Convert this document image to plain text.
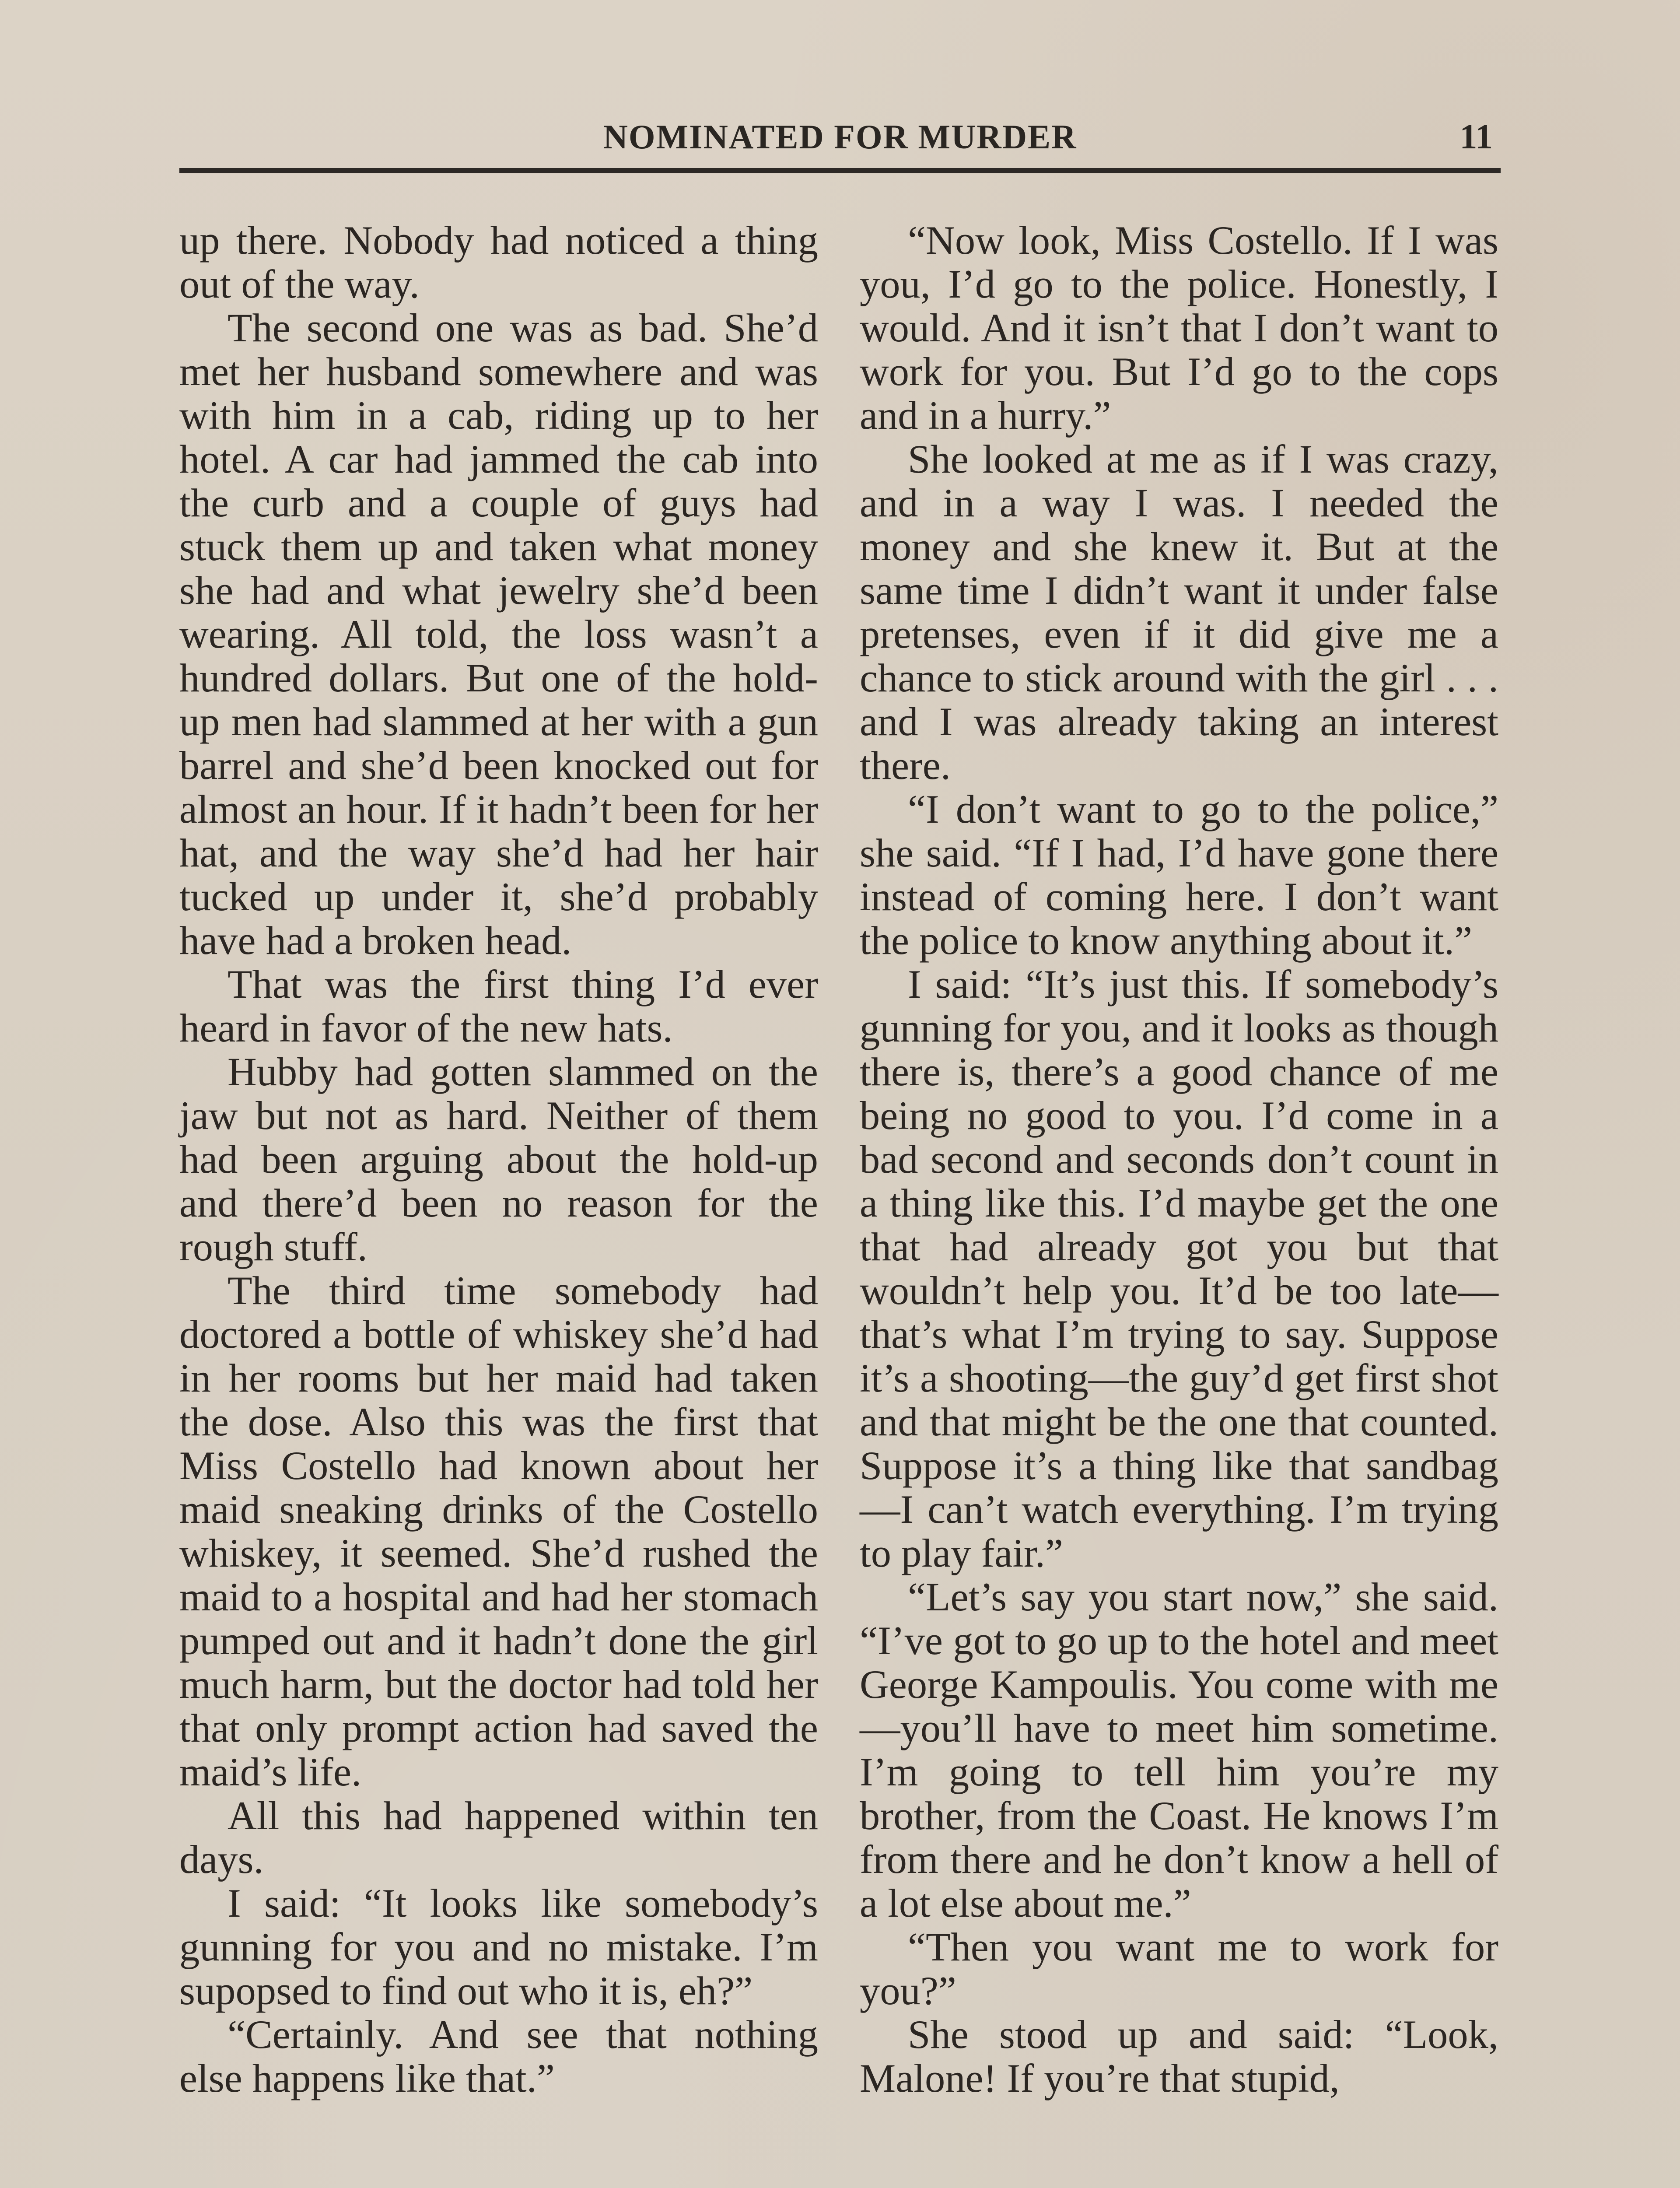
NOMINATED FOR MURDER	11

up there. Nobody had noticed a thing out of the way.

The second one was as bad. She’d met her husband somewhere and was with him in a cab, riding up to her hotel. A car had jammed the cab into the curb and a couple of guys had stuck them up and taken what money she had and what jewelry she’d been wearing. All told, the loss wasn’t a hundred dollars. But one of the hold-up men had slammed at her with a gun barrel and she’d been knocked out for almost an hour. If it hadn’t been for her hat, and the way she’d had her hair tucked up under it, she’d probably have had a broken head.

That was the first thing I’d ever heard in favor of the new hats.

Hubby had gotten slammed on the jaw but not as hard. Neither of them had been arguing about the hold-up and there’d been no reason for the rough stuff.

The third time somebody had doctored a bottle of whiskey she’d had in her rooms but her maid had taken the dose. Also this was the first that Miss Costello had known about her maid sneaking drinks of the Costello whiskey, it seemed. She’d rushed the maid to a hospital and had her stomach pumped out and it hadn’t done the girl much harm, but the doctor had told her that only prompt action had saved the maid’s life.

All this had happened within ten days.

I said: “It looks like somebody’s gunning for you and no mistake. I’m supopsed to find out who it is, eh?”

“Certainly. And see that nothing else happens like that.”

“Now look, Miss Costello. If I was you, I’d go to the police. Honestly, I would. And it isn’t that I don’t want to work for you. But I’d go to the cops and in a hurry.”

She looked at me as if I was crazy, and in a way I was. I needed the money and she knew it. But at the same time I didn’t want it under false pretenses, even if it did give me a chance to stick around with the girl . . . and I was already taking an interest there.

“I don’t want to go to the police,” she said. “If I had, I’d have gone there instead of coming here. I don’t want the police to know anything about it.”

I said: “It’s just this. If somebody’s gunning for you, and it looks as though there is, there’s a good chance of me being no good to you. I’d come in a bad second and seconds don’t count in a thing like this. I’d maybe get the one that had already got you but that wouldn’t help you. It’d be too late—that’s what I’m trying to say. Suppose it’s a shooting—the guy’d get first shot and that might be the one that counted. Suppose it’s a thing like that sandbag—I can’t watch everything. I’m trying to play fair.”

“Let’s say you start now,” she said. “I’ve got to go up to the hotel and meet George Kampoulis. You come with me—you’ll have to meet him sometime. I’m going to tell him you’re my brother, from the Coast. He knows I’m from there and he don’t know a hell of a lot else about me.”

“Then you want me to work for you?”

She stood up and said: “Look, Malone! If you’re that stupid,
